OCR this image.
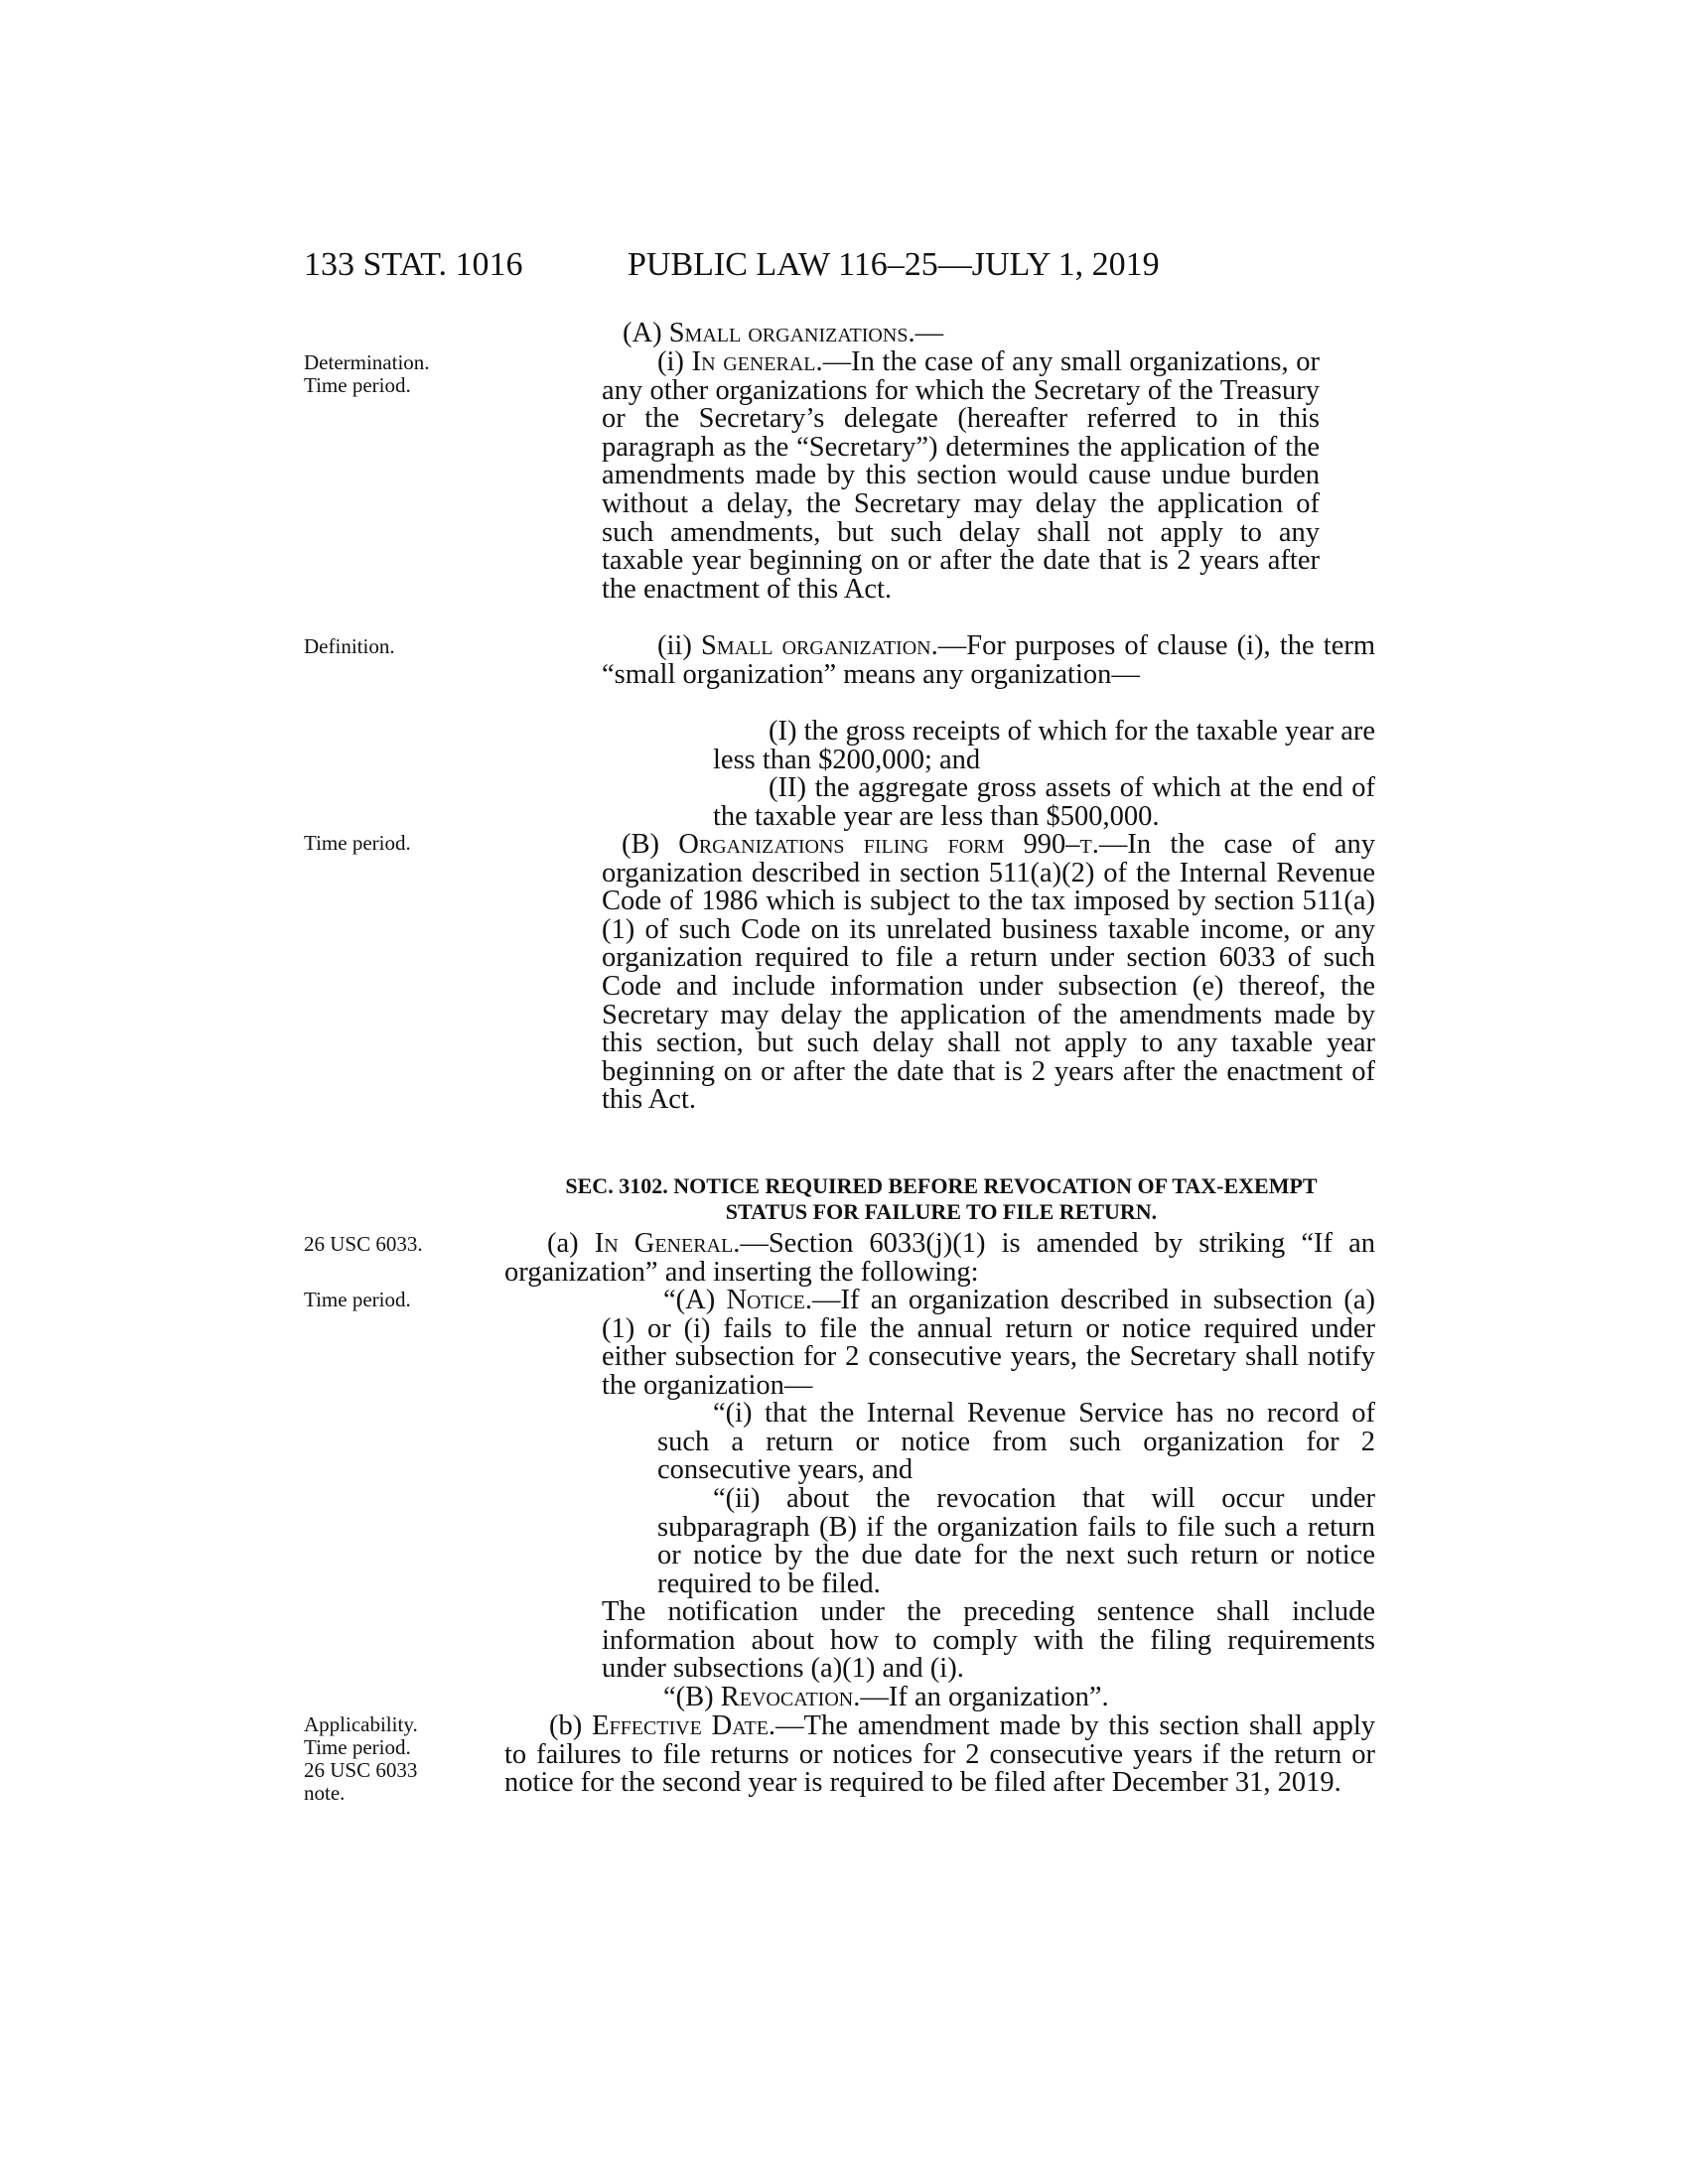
133 STAT. 1016	PUBLIC LAW 116–25—JULY 1, 2019
Determination.
Time period.
Definition.
Time period.
26 USC 6033.
Time period.
Applicability.
Time period.
26 USC 6033
note.
(A) Small organizations.—
(i) In general.—In the case of any small organizations, or any other organizations for which the Secretary of the Treasury or the Secretary’s delegate (hereafter referred to in this paragraph as the “Secretary”) determines the application of the amendments made by this section would cause undue burden without a delay, the Secretary may delay the application of such amendments, but such delay shall not apply to any taxable year beginning on or after the date that is 2 years after the enactment of this Act.
(ii) Small organization.—For purposes of clause (i), the term “small organization” means any organization—
(I) the gross receipts of which for the taxable year are less than $200,000; and
(II) the aggregate gross assets of which at the end of the taxable year are less than $500,000.
(B) Organizations filing form 990–t.—In the case of any organization described in section 511(a)(2) of the Internal Revenue Code of 1986 which is subject to the tax imposed by section 511(a)(1) of such Code on its unrelated business taxable income, or any organization required to file a return under section 6033 of such Code and include information under subsection (e) thereof, the Secretary may delay the application of the amendments made by this section, but such delay shall not apply to any taxable year beginning on or after the date that is 2 years after the enactment of this Act.
SEC. 3102. NOTICE REQUIRED BEFORE REVOCATION OF TAX-EXEMPT
STATUS FOR FAILURE TO FILE RETURN.
(a) In General.—Section 6033(j)(1) is amended by striking “If an organization” and inserting the following:
“(A) Notice.—If an organization described in subsection (a)(1) or (i) fails to file the annual return or notice required under either subsection for 2 consecutive years, the Secretary shall notify the organization—
“(i) that the Internal Revenue Service has no record of such a return or notice from such organization for 2 consecutive years, and
“(ii) about the revocation that will occur under subparagraph (B) if the organization fails to file such a return or notice by the due date for the next such return or notice required to be filed.
The notification under the preceding sentence shall include information about how to comply with the filing requirements under subsections (a)(1) and (i).
“(B) Revocation.—If an organization”.
(b) Effective Date.—The amendment made by this section shall apply to failures to file returns or notices for 2 consecutive years if the return or notice for the second year is required to be filed after December 31, 2019.
